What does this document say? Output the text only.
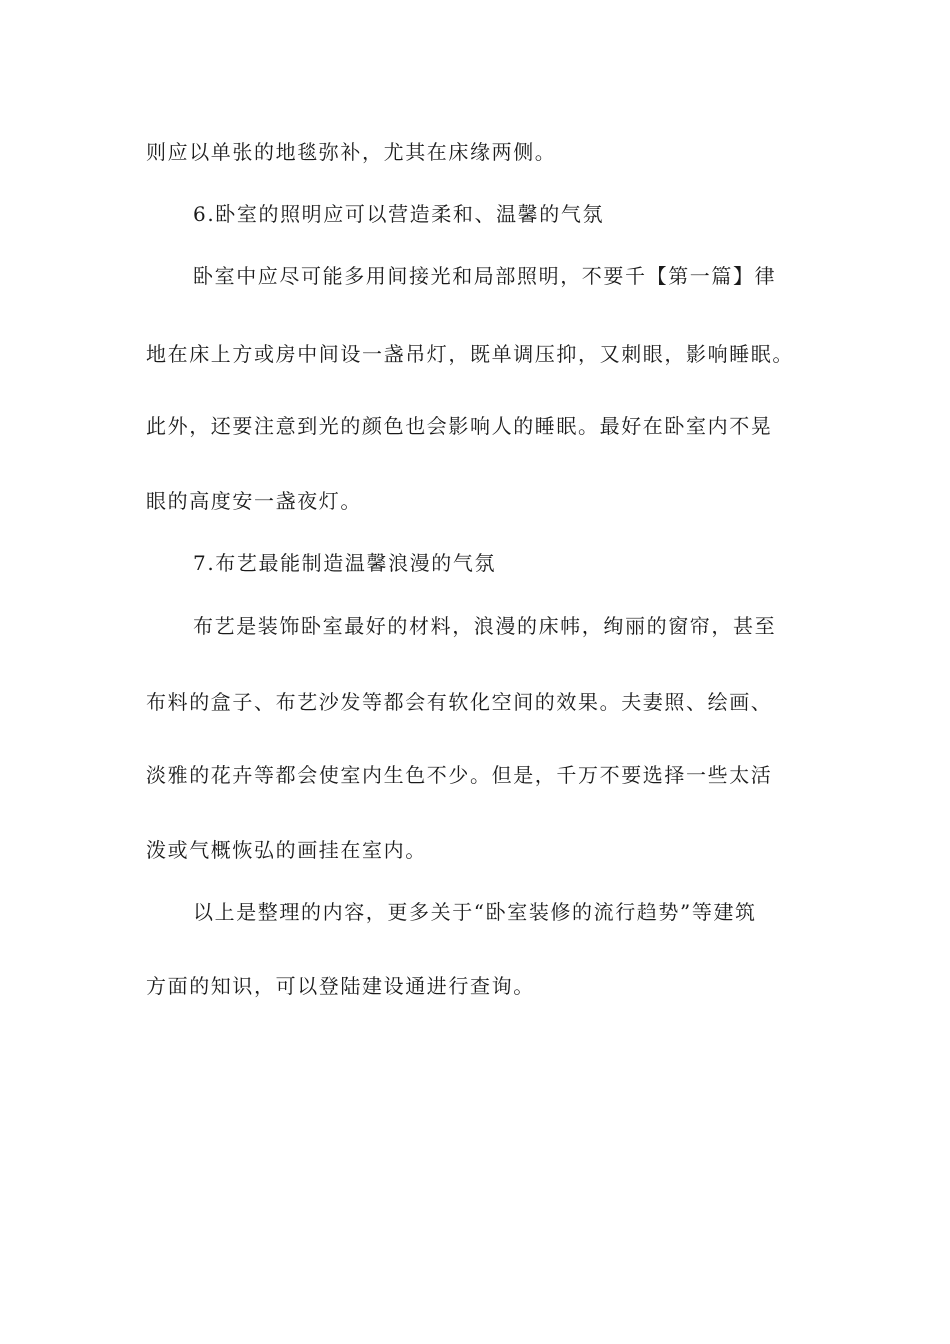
则应以单张的地毯弥补，尤其在床缘两侧。
6.卧室的照明应可以营造柔和、温馨的气氛
卧室中应尽可能多用间接光和局部照明，不要千【第一篇】律
地在床上方或房中间设一盏吊灯，既单调压抑，又刺眼，影响睡眠。
此外，还要注意到光的颜色也会影响人的睡眠。最好在卧室内不晃
眼的高度安一盏夜灯。
7.布艺最能制造温馨浪漫的气氛
布艺是装饰卧室最好的材料，浪漫的床帏，绚丽的窗帘，甚至
布料的盒子、布艺沙发等都会有软化空间的效果。夫妻照、绘画、
淡雅的花卉等都会使室内生色不少。但是，千万不要选择一些太活
泼或气概恢弘的画挂在室内。
以上是整理的内容，更多关于“卧室装修的流行趋势”等建筑
方面的知识，可以登陆建设通进行查询。
